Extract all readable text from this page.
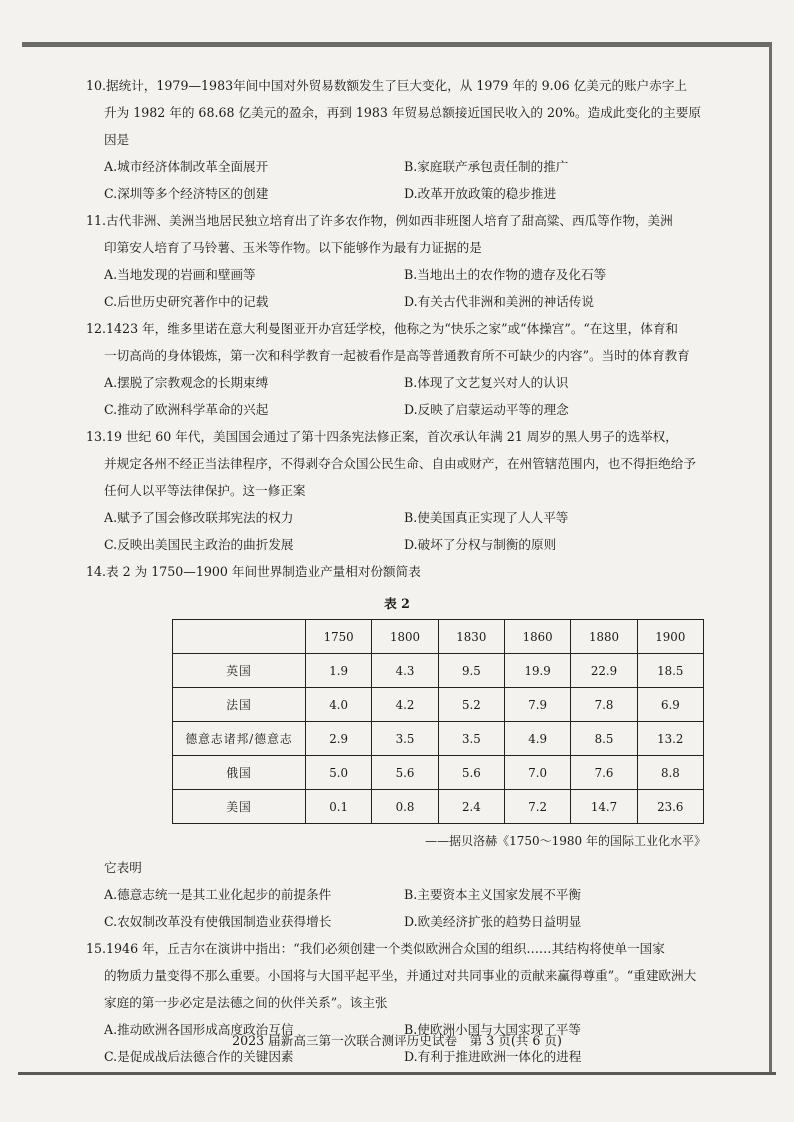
10.据统计，1979—1983年间中国对外贸易数额发生了巨大变化，从 1979 年的 9.06 亿美元的账户赤字上
升为 1982 年的 68.68 亿美元的盈余，再到 1983 年贸易总额接近国民收入的 20%。造成此变化的主要原因是
A.城市经济体制改革全面展开	B.家庭联产承包责任制的推广
C.深圳等多个经济特区的创建	D.改革开放政策的稳步推进
11.古代非洲、美洲当地居民独立培育出了许多农作物，例如西非班图人培育了甜高粱、西瓜等作物，美洲
印第安人培育了马铃薯、玉米等作物。以下能够作为最有力证据的是
A.当地发现的岩画和壁画等	B.当地出土的农作物的遗存及化石等
C.后世历史研究著作中的记载	D.有关古代非洲和美洲的神话传说
12.1423 年，维多里诺在意大利曼图亚开办宫廷学校，他称之为“快乐之家”或“体操宫”。“在这里，体育和
一切高尚的身体锻炼，第一次和科学教育一起被看作是高等普通教育所不可缺少的内容”。当时的体育教育
A.摆脱了宗教观念的长期束缚	B.体现了文艺复兴对人的认识
C.推动了欧洲科学革命的兴起	D.反映了启蒙运动平等的理念
13.19 世纪 60 年代，美国国会通过了第十四条宪法修正案，首次承认年满 21 周岁的黑人男子的选举权，
并规定各州不经正当法律程序，不得剥夺合众国公民生命、自由或财产，在州管辖范围内，也不得拒绝给予任何人以平等法律保护。这一修正案
A.赋予了国会修改联邦宪法的权力	B.使美国真正实现了人人平等
C.反映出美国民主政治的曲折发展	D.破坏了分权与制衡的原则
14.表 2 为 1750—1900 年间世界制造业产量相对份额简表
表 2
	1750	1800	1830	1860	1880	1900
英国	1.9	4.3	9.5	19.9	22.9	18.5
法国	4.0	4.2	5.2	7.9	7.8	6.9
德意志诸邦/德意志	2.9	3.5	3.5	4.9	8.5	13.2
俄国	5.0	5.6	5.6	7.0	7.6	8.8
美国	0.1	0.8	2.4	7.2	14.7	23.6
——据贝洛赫《1750～1980 年的国际工业化水平》
它表明
A.德意志统一是其工业化起步的前提条件	B.主要资本主义国家发展不平衡
C.农奴制改革没有使俄国制造业获得增长	D.欧美经济扩张的趋势日益明显
15.1946 年，丘吉尔在演讲中指出：“我们必须创建一个类似欧洲合众国的组织……其结构将使单一国家
的物质力量变得不那么重要。小国将与大国平起平坐，并通过对共同事业的贡献来赢得尊重”。“重建欧洲大家庭的第一步必定是法德之间的伙伴关系”。该主张
A.推动欧洲各国形成高度政治互信	B.使欧洲小国与大国实现了平等
C.是促成战后法德合作的关键因素	D.有利于推进欧洲一体化的进程
2023 届新高三第一次联合测评历史试卷　第 3 页(共 6 页)
